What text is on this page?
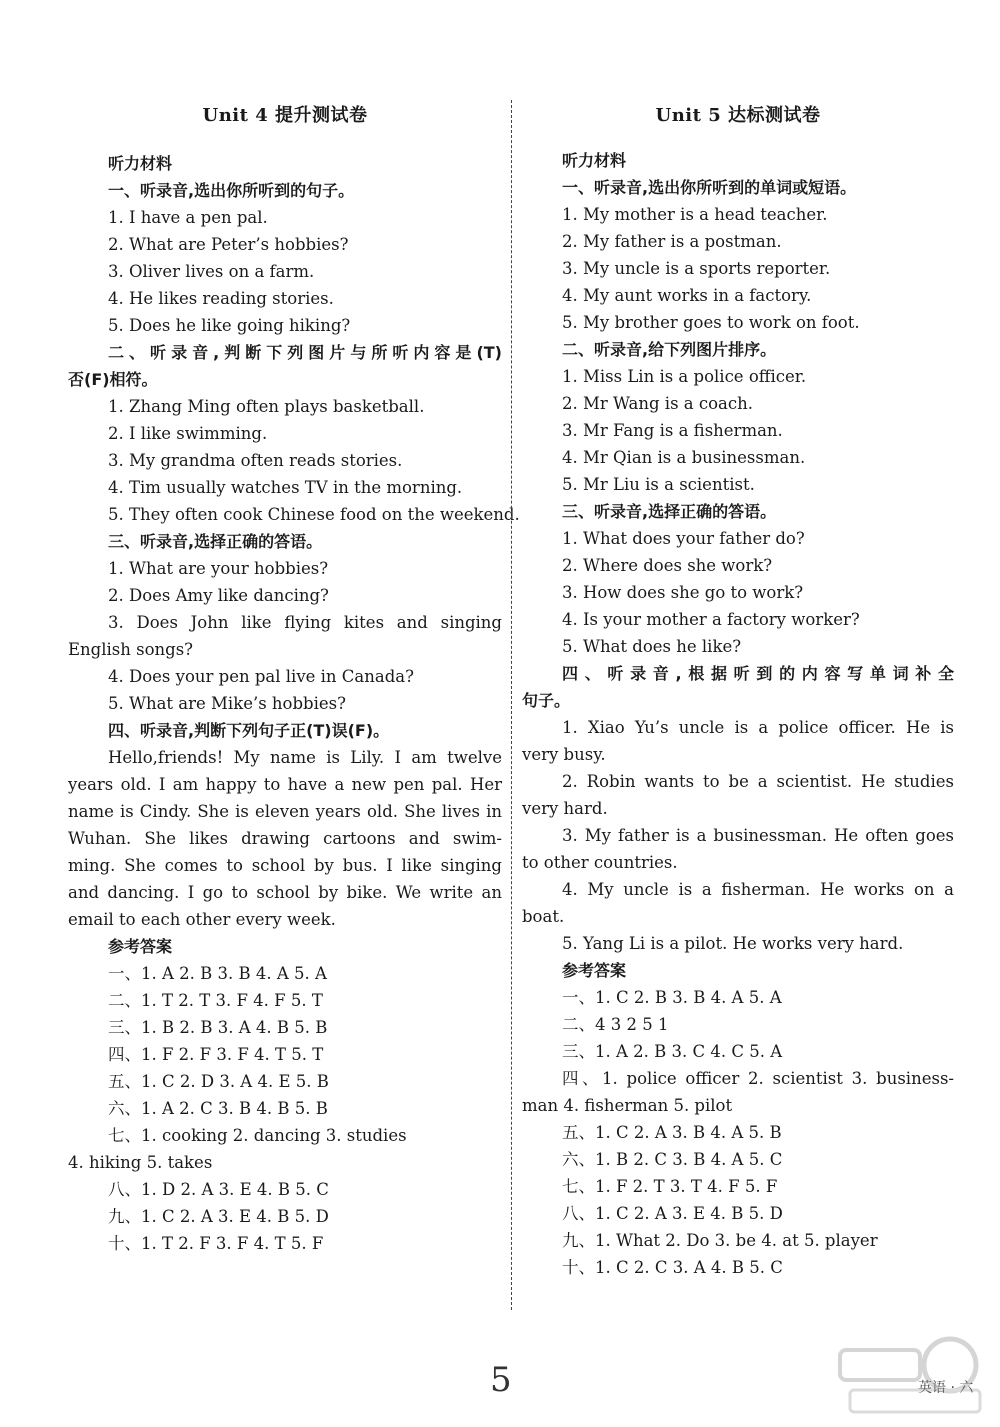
Unit 4 提升测试卷
听力材料
一、听录音,选出你所听到的句子。
1. I have a pen pal.
2. What are Peter’s hobbies?
3. Oliver lives on a farm.
4. He likes reading stories.
5. Does he like going hiking?
二、听录音,判断下列图片与所听内容是(T)
否(F)相符。
1. Zhang Ming often plays basketball.
2. I like swimming.
3. My grandma often reads stories.
4. Tim usually watches TV in the morning.
5. They often cook Chinese food on the weekend.
三、听录音,选择正确的答语。
1. What are your hobbies?
2. Does Amy like dancing?
3. Does John like flying kites and singing
English songs?
4. Does your pen pal live in Canada?
5. What are Mike’s hobbies?
四、听录音,判断下列句子正(T)误(F)。
Hello,friends! My name is Lily. I am twelve
years old. I am happy to have a new pen pal. Her
name is Cindy. She is eleven years old. She lives in
Wuhan. She likes drawing cartoons and swim-
ming. She comes to school by bus. I like singing
and dancing. I go to school by bike. We write an
email to each other every week.
参考答案
一、1. A 2. B 3. B 4. A 5. A
二、1. T 2. T 3. F 4. F 5. T
三、1. B 2. B 3. A 4. B 5. B
四、1. F 2. F 3. F 4. T 5. T
五、1. C 2. D 3. A 4. E 5. B
六、1. A 2. C 3. B 4. B 5. B
七、1. cooking 2. dancing 3. studies
4. hiking 5. takes
八、1. D 2. A 3. E 4. B 5. C
九、1. C 2. A 3. E 4. B 5. D
十、1. T 2. F 3. F 4. T 5. F
Unit 5 达标测试卷
听力材料
一、听录音,选出你所听到的单词或短语。
1. My mother is a head teacher.
2. My father is a postman.
3. My uncle is a sports reporter.
4. My aunt works in a factory.
5. My brother goes to work on foot.
二、听录音,给下列图片排序。
1. Miss Lin is a police officer.
2. Mr Wang is a coach.
3. Mr Fang is a fisherman.
4. Mr Qian is a businessman.
5. Mr Liu is a scientist.
三、听录音,选择正确的答语。
1. What does your father do?
2. Where does she work?
3. How does she go to work?
4. Is your mother a factory worker?
5. What does he like?
四、听录音,根据听到的内容写单词补全
句子。
1. Xiao Yu’s uncle is a police officer. He is
very busy.
2. Robin wants to be a scientist. He studies
very hard.
3. My father is a businessman. He often goes
to other countries.
4. My uncle is a fisherman. He works on a
boat.
5. Yang Li is a pilot. He works very hard.
参考答案
一、1. C 2. B 3. B 4. A 5. A
二、4 3 2 5 1
三、1. A 2. B 3. C 4. C 5. A
四、1. police officer 2. scientist 3. business-
man 4. fisherman 5. pilot
五、1. C 2. A 3. B 4. A 5. B
六、1. B 2. C 3. B 4. A 5. C
七、1. F 2. T 3. T 4. F 5. F
八、1. C 2. A 3. E 4. B 5. D
九、1. What 2. Do 3. be 4. at 5. player
十、1. C 2. C 3. A 4. B 5. C
5	英语 · 六
